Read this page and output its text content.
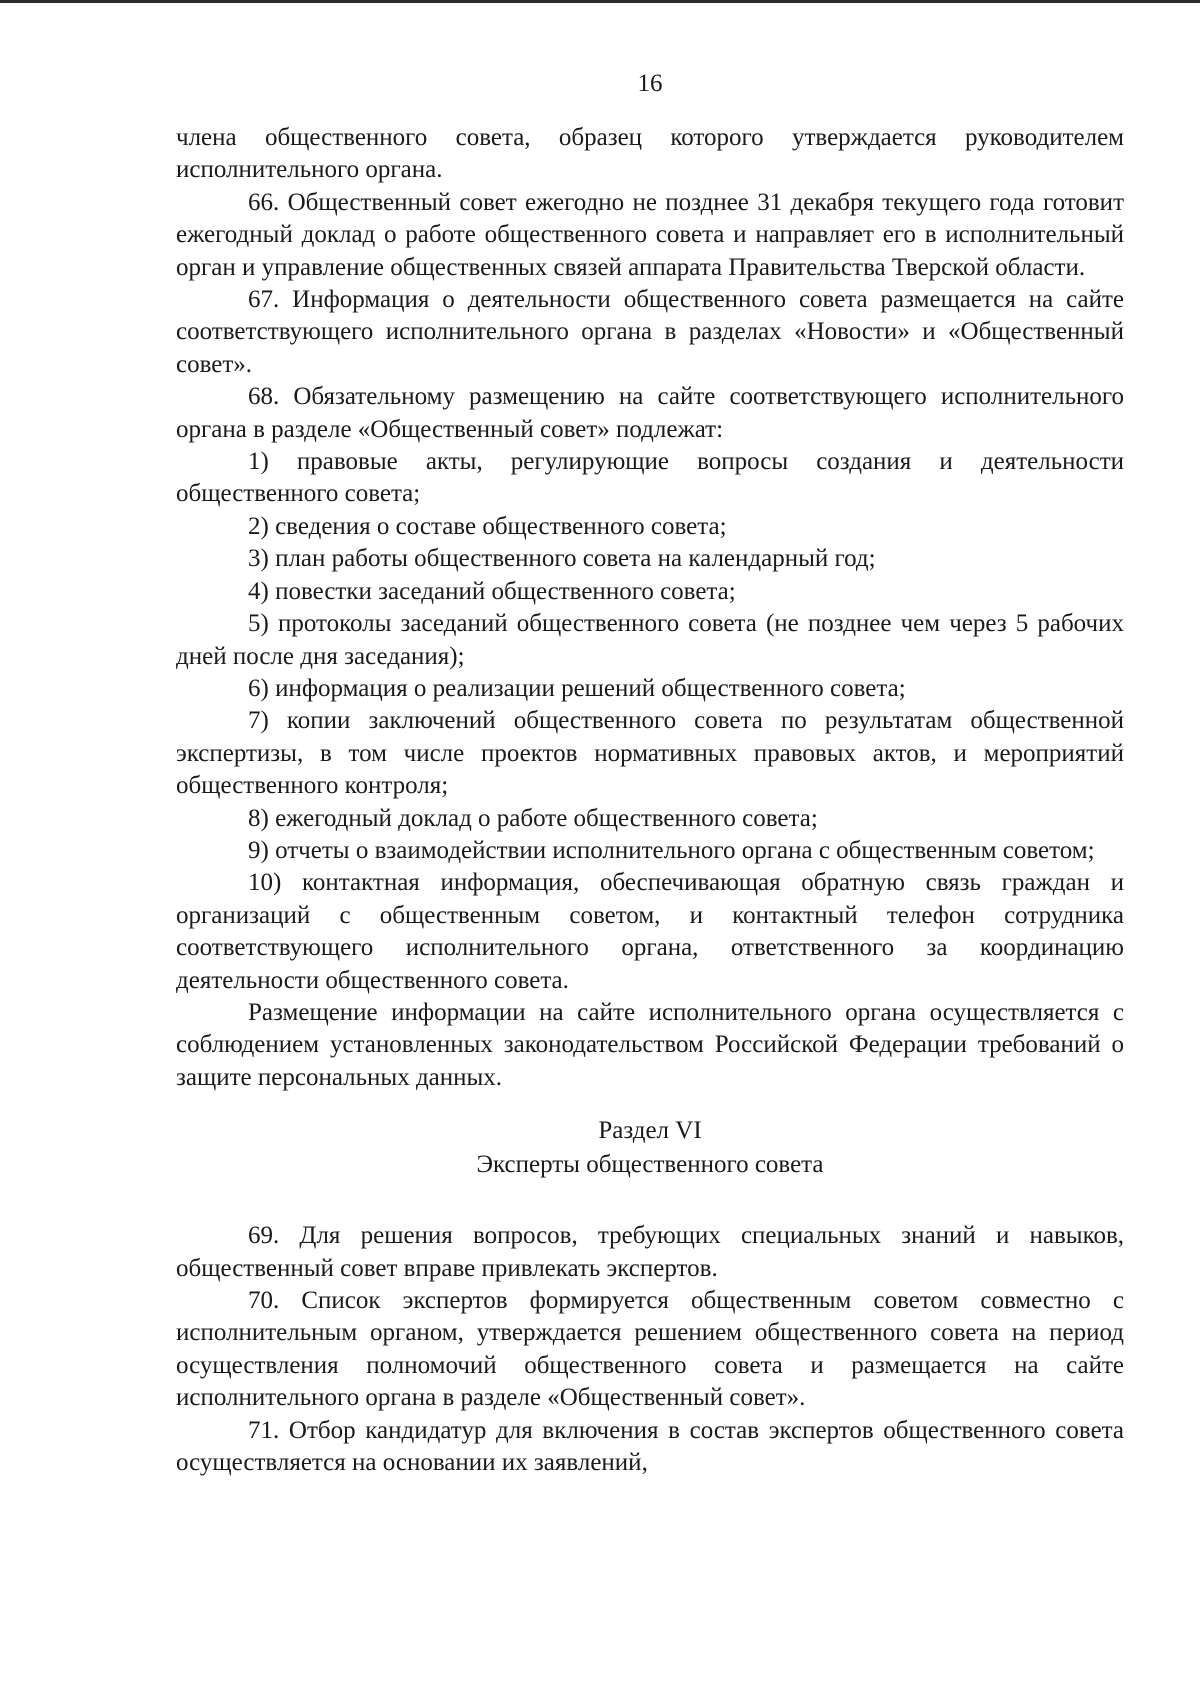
16

члена общественного совета, образец которого утверждается руководителем исполнительного органа.

66. Общественный совет ежегодно не позднее 31 декабря текущего года готовит ежегодный доклад о работе общественного совета и направляет его в исполнительный орган и управление общественных связей аппарата Правительства Тверской области.

67. Информация о деятельности общественного совета размещается на сайте соответствующего исполнительного органа в разделах «Новости» и «Общественный совет».

68. Обязательному размещению на сайте соответствующего исполнительного органа в разделе «Общественный совет» подлежат:

1) правовые акты, регулирующие вопросы создания и деятельности общественного совета;

2) сведения о составе общественного совета;

3) план работы общественного совета на календарный год;

4) повестки заседаний общественного совета;

5) протоколы заседаний общественного совета (не позднее чем через 5 рабочих дней после дня заседания);

6) информация о реализации решений общественного совета;

7) копии заключений общественного совета по результатам общественной экспертизы, в том числе проектов нормативных правовых актов, и мероприятий общественного контроля;

8) ежегодный доклад о работе общественного совета;

9) отчеты о взаимодействии исполнительного органа с общественным советом;

10) контактная информация, обеспечивающая обратную связь граждан и организаций с общественным советом, и контактный телефон сотрудника соответствующего исполнительного органа, ответственного за координацию деятельности общественного совета.

Размещение информации на сайте исполнительного органа осуществляется с соблюдением установленных законодательством Российской Федерации требований о защите персональных данных.

Раздел VI
Эксперты общественного совета

69. Для решения вопросов, требующих специальных знаний и навыков, общественный совет вправе привлекать экспертов.

70. Список экспертов формируется общественным советом совместно с исполнительным органом, утверждается решением общественного совета на период осуществления полномочий общественного совета и размещается на сайте исполнительного органа в разделе «Общественный совет».

71. Отбор кандидатур для включения в состав экспертов общественного совета осуществляется на основании их заявлений,
